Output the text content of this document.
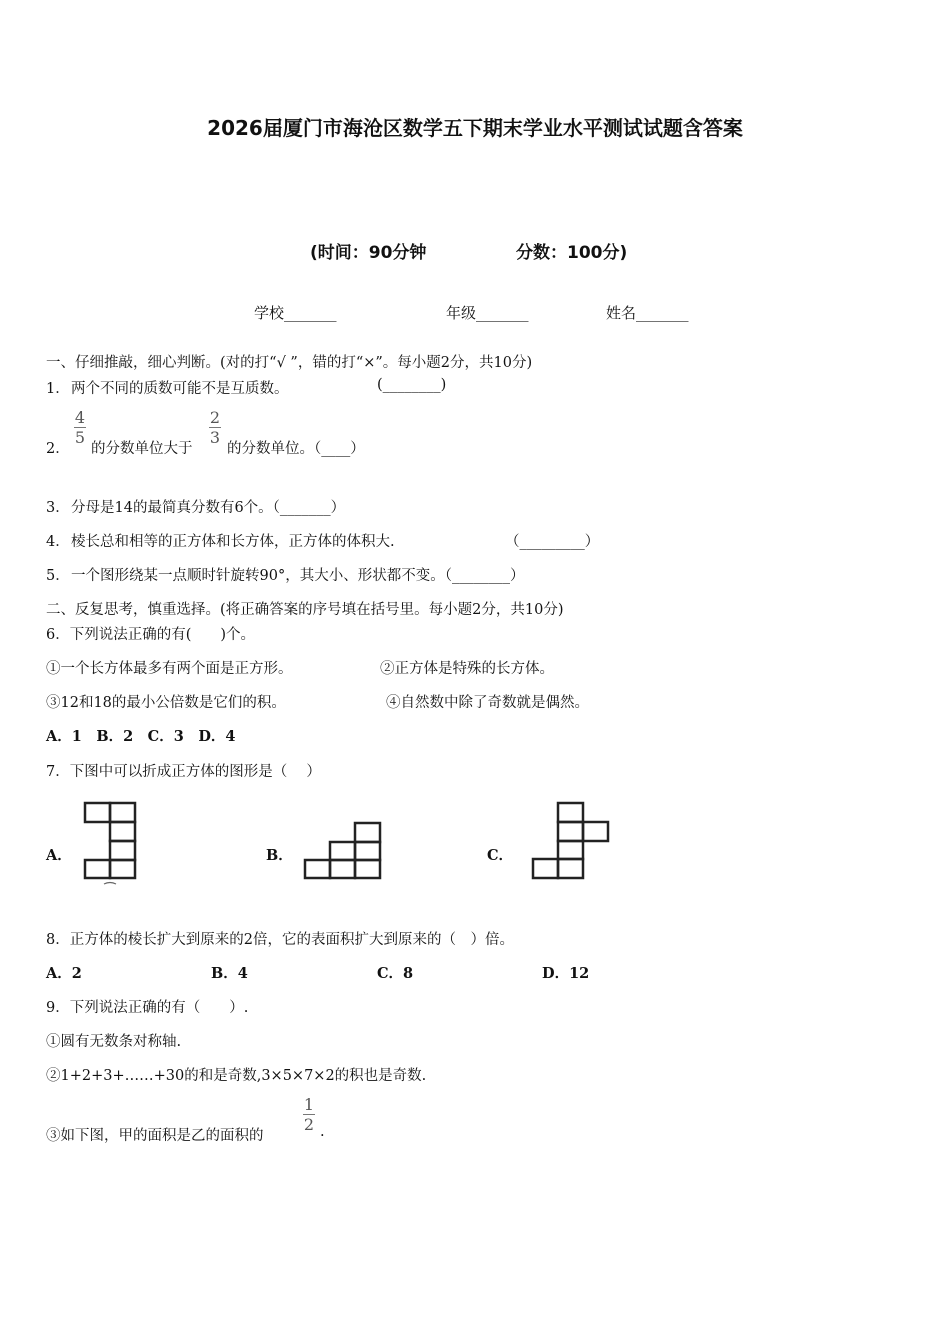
2026届厦门市海沧区数学五下期末学业水平测试试题含答案
(时间：90分钟	分数：100分)
学校_______	年级_______	姓名_______
一、仔细推敲，细心判断。(对的打“√ ”，错的打“×”。每小题2分，共10分)
1． 两个不同的质数可能不是互质数。	(________)
2．
4
5
的分数单位大于
2
3
的分数单位。（____）
3． 分母是14的最简真分数有6个。（_______）
4． 棱长总和相等的正方体和长方体，正方体的体积大.	（_________）
5． 一个图形绕某一点顺时针旋转90°，其大小、形状都不变。（________）
二、反复思考，慎重选择。(将正确答案的序号填在括号里。每小题2分，共10分)
6．下列说法正确的有(　　)个。
①一个长方体最多有两个面是正方形。	②正方体是特殊的长方体。
③12和18的最小公倍数是它们的积。	④自然数中除了奇数就是偶然。
A．1　B．2　C．3　D．4
7．下图中可以折成正方体的图形是（　 ）
A．	B．	C．
8．正方体的棱长扩大到原来的2倍，它的表面积扩大到原来的（　）倍。
A．2	B．4	C．8	D．12
9．下列说法正确的有（　　）.
①圆有无数条对称轴.
②1+2+3+……+30的和是奇数,3×5×7×2的积也是奇数.
③如下图，甲的面积是乙的面积的
1
2 .
